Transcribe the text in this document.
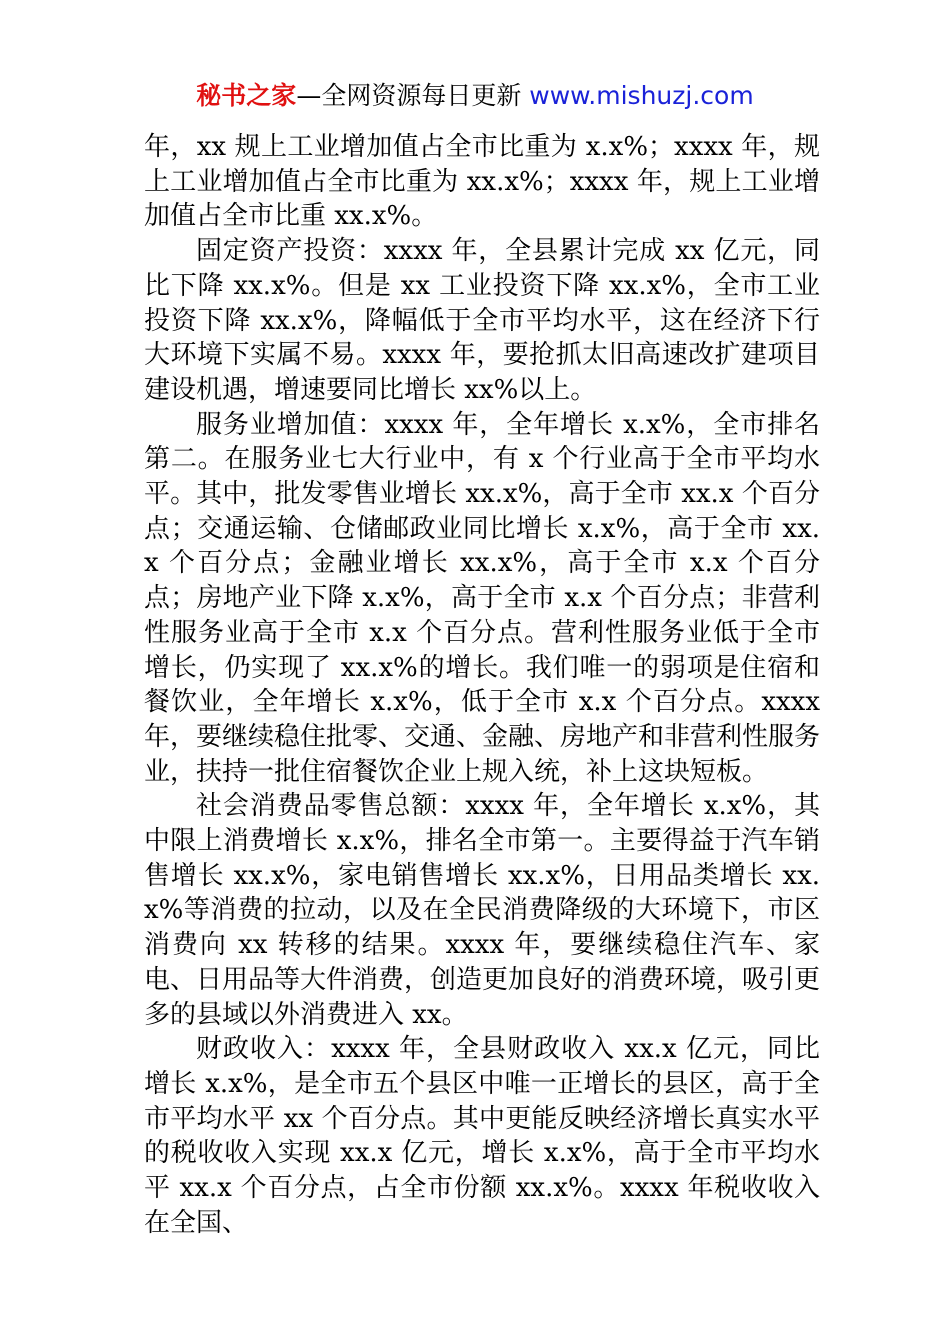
秘书之家—全网资源每日更新 www.mishuzj.com

年，xx 规上工业增加值占全市比重为 x.x%；xxxx 年，规上工业增加值占全市比重为 xx.x%；xxxx 年，规上工业增加值占全市比重 xx.x%。

固定资产投资：xxxx 年，全县累计完成 xx 亿元，同比下降 xx.x%。但是 xx 工业投资下降 xx.x%，全市工业投资下降 xx.x%，降幅低于全市平均水平，这在经济下行大环境下实属不易。xxxx 年，要抢抓太旧高速改扩建项目建设机遇，增速要同比增长 xx%以上。

服务业增加值：xxxx 年，全年增长 x.x%，全市排名第二。在服务业七大行业中，有 x 个行业高于全市平均水平。其中，批发零售业增长 xx.x%，高于全市 xx.x 个百分点；交通运输、仓储邮政业同比增长 x.x%，高于全市 xx.x 个百分点；金融业增长 xx.x%，高于全市 x.x 个百分点；房地产业下降 x.x%，高于全市 x.x 个百分点；非营利性服务业高于全市 x.x 个百分点。营利性服务业低于全市增长，仍实现了 xx.x%的增长。我们唯一的弱项是住宿和餐饮业，全年增长 x.x%，低于全市 x.x 个百分点。xxxx 年，要继续稳住批零、交通、金融、房地产和非营利性服务业，扶持一批住宿餐饮企业上规入统，补上这块短板。

社会消费品零售总额：xxxx 年，全年增长 x.x%，其中限上消费增长 x.x%，排名全市第一。主要得益于汽车销售增长 xx.x%，家电销售增长 xx.x%，日用品类增长 xx.x%等消费的拉动，以及在全民消费降级的大环境下，市区消费向 xx 转移的结果。xxxx 年，要继续稳住汽车、家电、日用品等大件消费，创造更加良好的消费环境，吸引更多的县域以外消费进入 xx。

财政收入：xxxx 年，全县财政收入 xx.x 亿元，同比增长 x.x%，是全市五个县区中唯一正增长的县区，高于全市平均水平 xx 个百分点。其中更能反映经济增长真实水平的税收收入实现 xx.x 亿元，增长 x.x%，高于全市平均水平 xx.x 个百分点，占全市份额 xx.x%。xxxx 年税收收入在全国、
